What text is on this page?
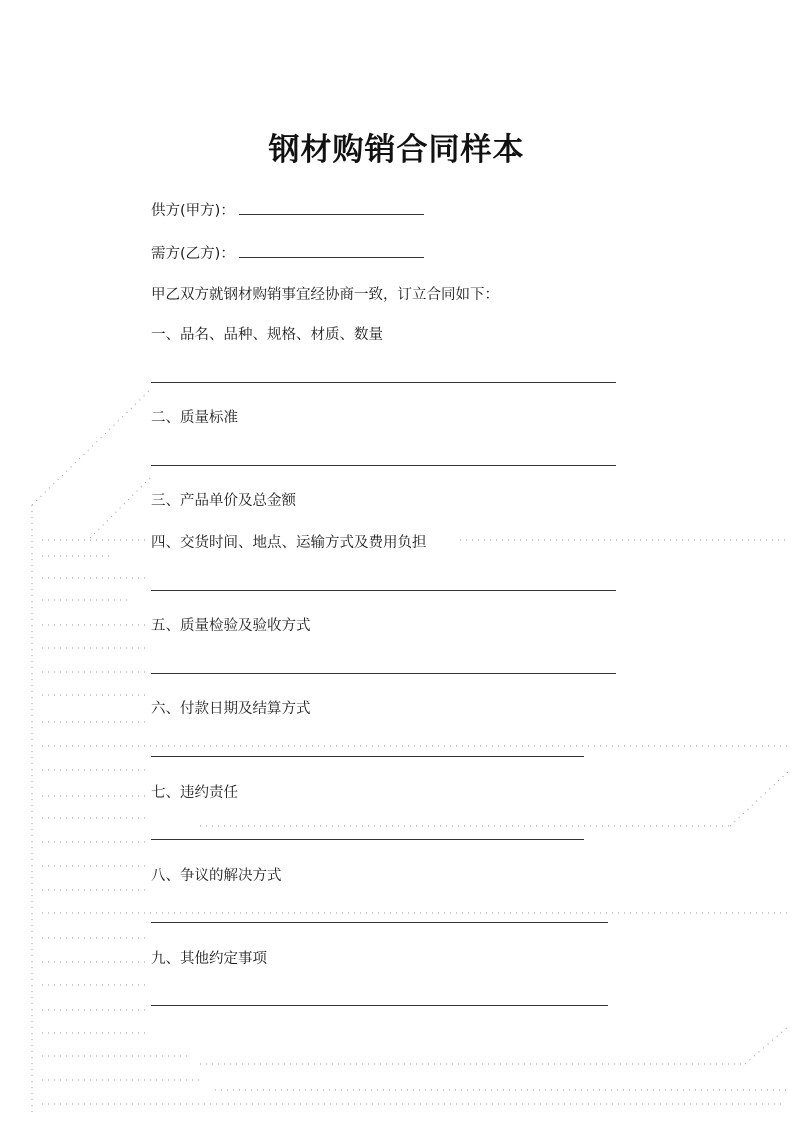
钢材购销合同样本
供方(甲方)：
需方(乙方)：
甲乙双方就钢材购销事宜经协商一致，订立合同如下：
一、品名、品种、规格、材质、数量
二、质量标准
三、产品单价及总金额
四、交货时间、地点、运输方式及费用负担
五、质量检验及验收方式
六、付款日期及结算方式
七、违约责任
八、争议的解决方式
九、其他约定事项
